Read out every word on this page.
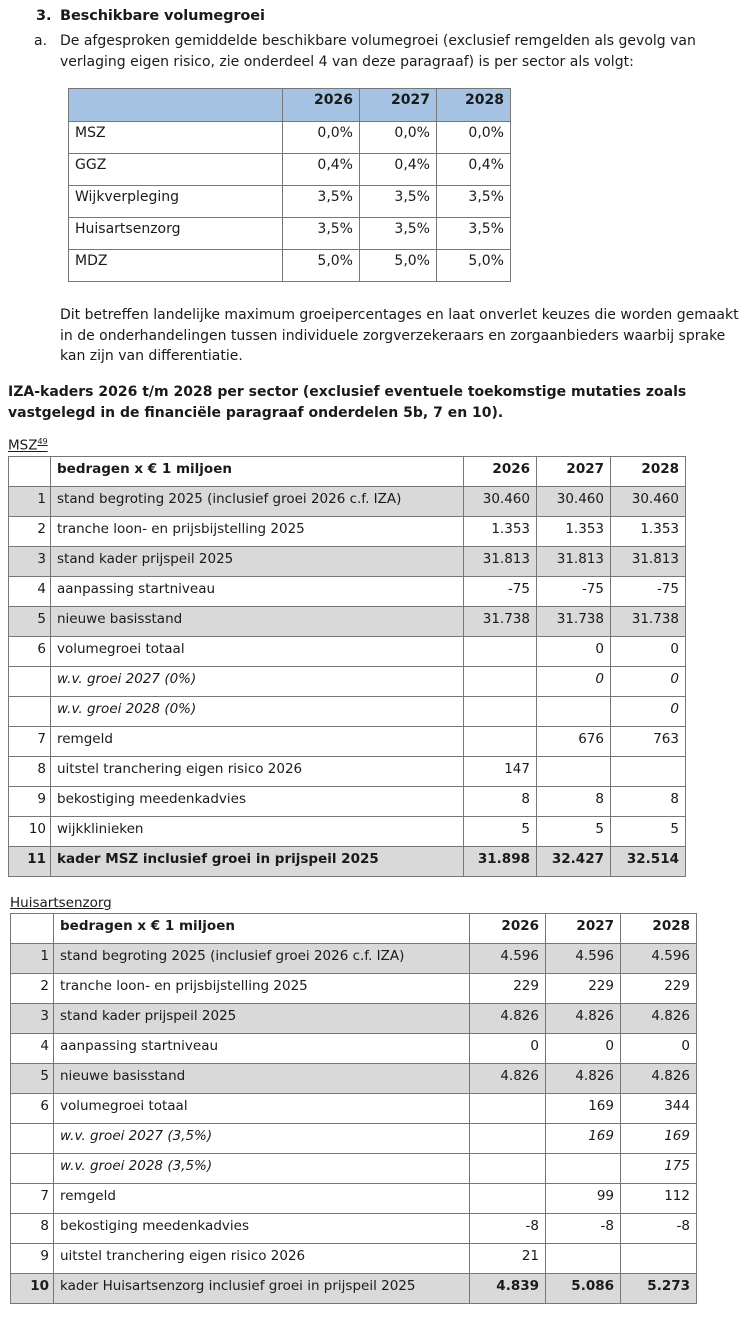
3. Beschikbare volumegroei
a. De afgesproken gemiddelde beschikbare volumegroei (exclusief remgelden als gevolg van verlaging eigen risico, zie onderdeel 4 van deze paragraaf) is per sector als volgt:
	2026	2027	2028
MSZ	0,0%	0,0%	0,0%
GGZ	0,4%	0,4%	0,4%
Wijkverpleging	3,5%	3,5%	3,5%
Huisartsenzorg	3,5%	3,5%	3,5%
MDZ	5,0%	5,0%	5,0%
Dit betreffen landelijke maximum groeipercentages en laat onverlet keuzes die worden gemaakt in de onderhandelingen tussen individuele zorgverzekeraars en zorgaanbieders waarbij sprake kan zijn van differentiatie.
IZA-kaders 2026 t/m 2028 per sector (exclusief eventuele toekomstige mutaties zoals vastgelegd in de financiële paragraaf onderdelen 5b, 7 en 10).
MSZ$^{49}$
	bedragen x € 1 miljoen	2026	2027	2028
1	stand begroting 2025 (inclusief groei 2026 c.f. IZA)	30.460	30.460	30.460
2	tranche loon- en prijsbijstelling 2025	1.353	1.353	1.353
3	stand kader prijspeil 2025	31.813	31.813	31.813
4	aanpassing startniveau	-75	-75	-75
5	nieuwe basisstand	31.738	31.738	31.738
6	volumegroei totaal		0	0
	w.v. groei 2027 (0%)		0	0
	w.v. groei 2028 (0%)			0
7	remgeld		676	763
8	uitstel tranchering eigen risico 2026	147		
9	bekostiging meedenkadvies	8	8	8
10	wijkklinieken	5	5	5
11	kader MSZ inclusief groei in prijspeil 2025	31.898	32.427	32.514
Huisartsenzorg
	bedragen x € 1 miljoen	2026	2027	2028
1	stand begroting 2025 (inclusief groei 2026 c.f. IZA)	4.596	4.596	4.596
2	tranche loon- en prijsbijstelling 2025	229	229	229
3	stand kader prijspeil 2025	4.826	4.826	4.826
4	aanpassing startniveau	0	0	0
5	nieuwe basisstand	4.826	4.826	4.826
6	volumegroei totaal		169	344
	w.v. groei 2027 (3,5%)		169	169
	w.v. groei 2028 (3,5%)			175
7	remgeld		99	112
8	bekostiging meedenkadvies	-8	-8	-8
9	uitstel tranchering eigen risico 2026	21		
10	kader Huisartsenzorg inclusief groei in prijspeil 2025	4.839	5.086	5.273
